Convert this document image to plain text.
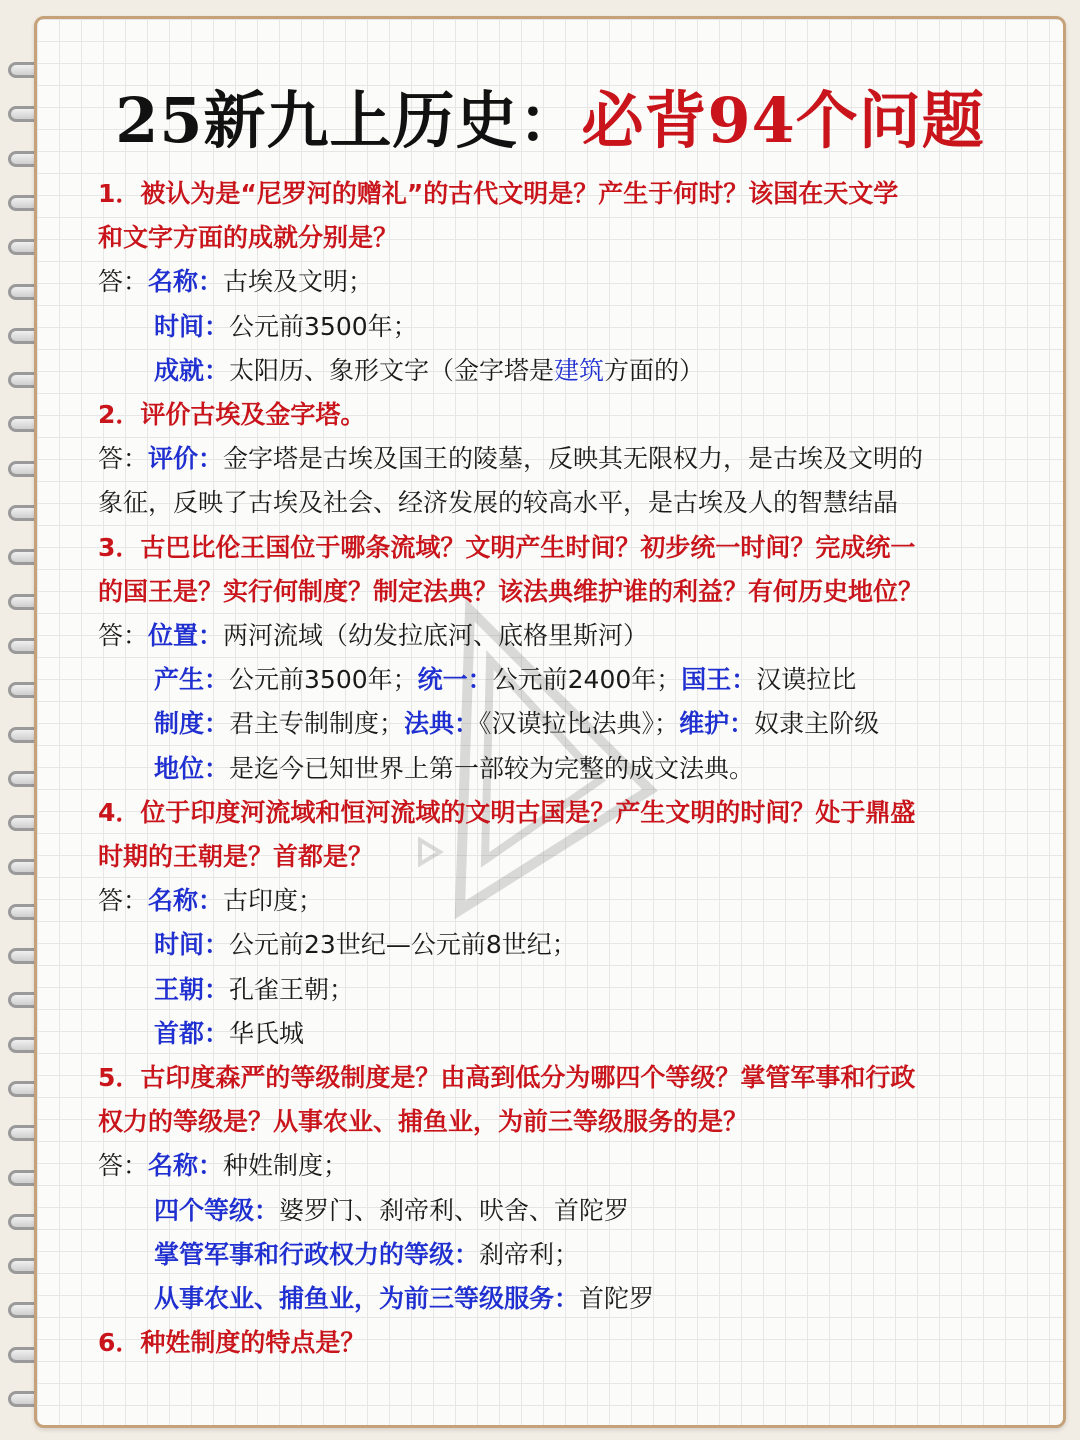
25新九上历史：必背94个问题
1．被认为是“尼罗河的赠礼”的古代文明是？产生于何时？该国在天文学
和文字方面的成就分别是？
答：名称：古埃及文明；
时间：公元前3500年；
成就：太阳历、象形文字（金字塔是建筑方面的）
2．评价古埃及金字塔。
答：评价：金字塔是古埃及国王的陵墓，反映其无限权力，是古埃及文明的
象征，反映了古埃及社会、经济发展的较高水平，是古埃及人的智慧结晶
3．古巴比伦王国位于哪条流域？文明产生时间？初步统一时间？完成统一
的国王是？实行何制度？制定法典？该法典维护谁的利益？有何历史地位？
答：位置：两河流域（幼发拉底河、底格里斯河）
产生：公元前3500年；统一：公元前2400年；国王：汉谟拉比
制度：君主专制制度；法典：《汉谟拉比法典》；维护：奴隶主阶级
地位：是迄今已知世界上第一部较为完整的成文法典。
4．位于印度河流域和恒河流域的文明古国是？产生文明的时间？处于鼎盛
时期的王朝是？首都是？
答：名称：古印度；
时间：公元前23世纪—公元前8世纪；
王朝：孔雀王朝；
首都：华氏城
5．古印度森严的等级制度是？由高到低分为哪四个等级？掌管军事和行政
权力的等级是？从事农业、捕鱼业，为前三等级服务的是？
答：名称：种姓制度；
四个等级：婆罗门、刹帝利、吠舍、首陀罗
掌管军事和行政权力的等级：刹帝利；
从事农业、捕鱼业，为前三等级服务：首陀罗
6．种姓制度的特点是？
